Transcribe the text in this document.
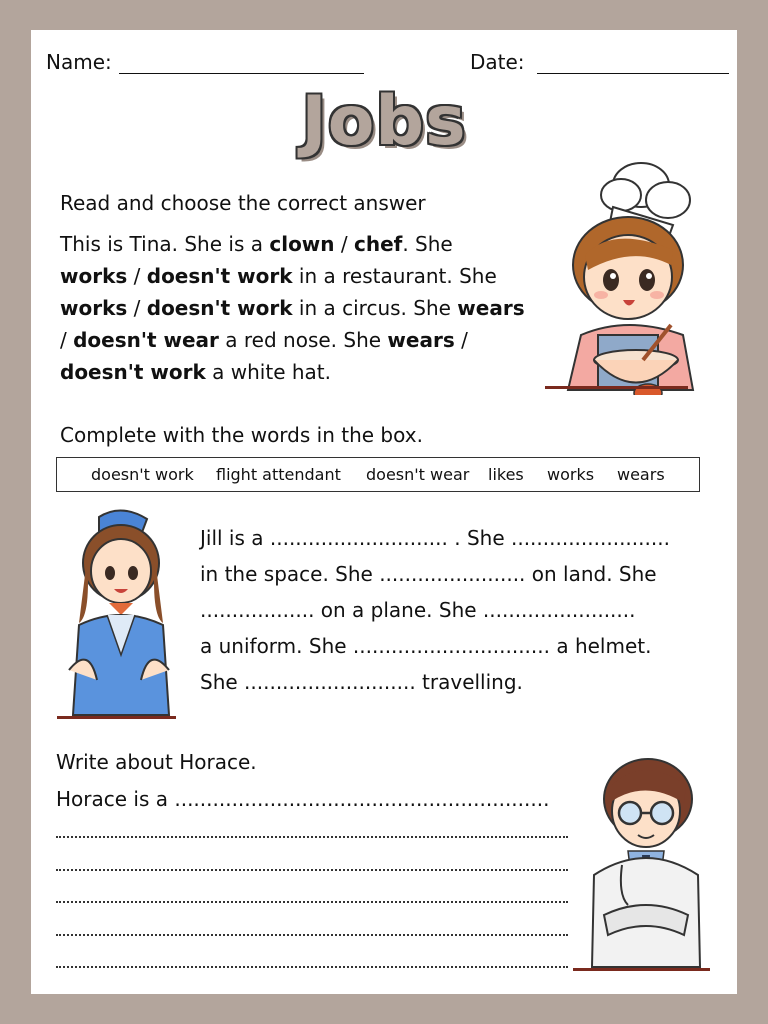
Name:	Date:
Jobs
Read and choose the correct answer
This is Tina. She is a clown / chef. She
works / doesn't work in a restaurant. She
works / doesn't work in a circus. She wears
/ doesn't wear a red nose. She wears /
doesn't work a white hat.
Complete with the words in the box.
doesn't work flight attendant doesn't wear likes works wears
Jill is a ............................ . She .........................
in the space. She ....................... on land. She
.................. on a plane. She ........................
a uniform. She ............................... a helmet.
She ........................... travelling.
Write about Horace.
Horace is a ...........................................................
